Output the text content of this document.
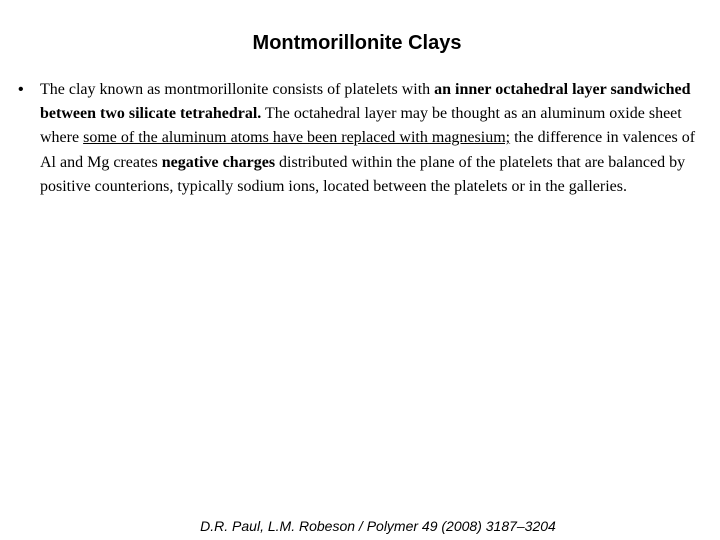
Montmorillonite Clays
• The clay known as montmorillonite consists of platelets with an inner octahedral layer sandwiched between two silicate tetrahedral. The octahedral layer may be thought as an aluminum oxide sheet where some of the aluminum atoms have been replaced with magnesium; the difference in valences of Al and Mg creates negative charges distributed within the plane of the platelets that are balanced by positive counterions, typically sodium ions, located between the platelets or in the galleries.
D.R. Paul, L.M. Robeson / Polymer 49 (2008) 3187–3204
